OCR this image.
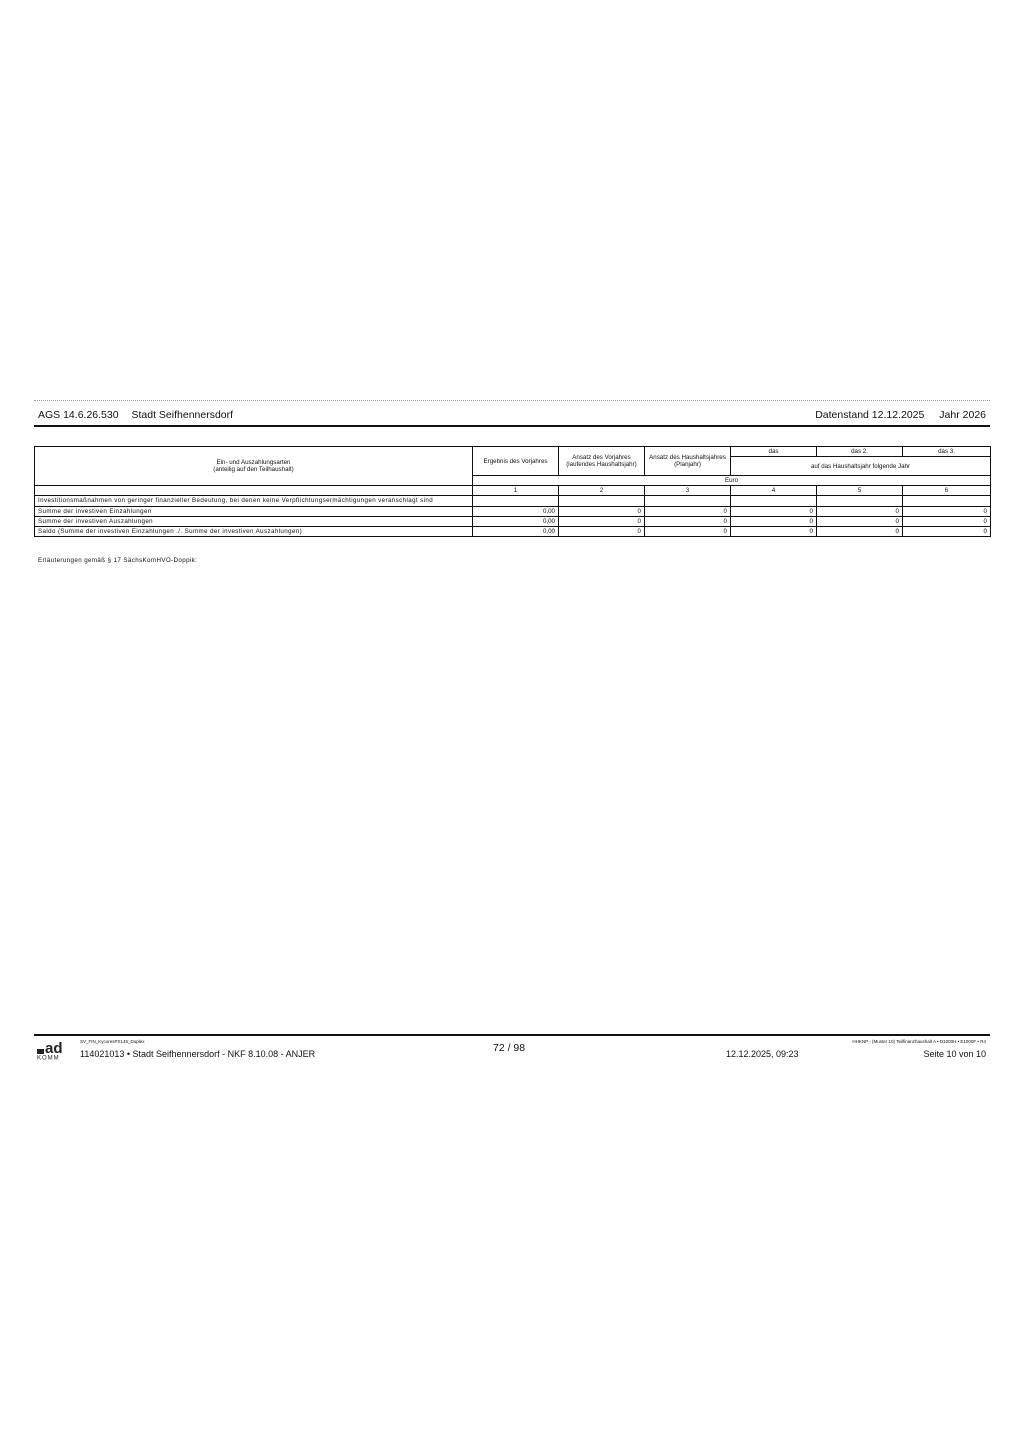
AGS 14.6.26.530 Stadt Seifhennersdorf	Datenstand 12.12.2025 Jahr 2026
Ein- und Auszahlungsarten
(anteilig auf den Teilhaushalt)	Ergebnis des Vorjahres	Ansatz des Vorjahres (laufendes Haushaltsjahr)	Ansatz des Haushaltsjahres (Planjahr)	das	das 2.	das 3.
				auf das Haushaltsjahr folgende Jahr		
	Euro					
	1	2	3	4	5	6
Investitionsmaßnahmen von geringer finanzieller Bedeutung, bei denen keine Verpflichtungsermächtigungen veranschlagt sind						
Summe der investiven Einzahlungen	0,00	0	0	0	0	0
Summe der investiven Auszahlungen	0,00	0	0	0	0	0
Saldo (Summe der investiven Einzahlungen ./. Summe der investiven Auszahlungen)	0,00	0	0	0	0	0
Erläuterungen gemäß § 17 SächsKomHVO-Doppik:
ad
KOMM
SV_FIN_KycoresPS145_Duplex
114021013 • Stadt Seifhennersdorf - NKF 8.10.08 - ANJER	72 / 98	12.12.2025, 09:23
HHKNP - (Muster 10) Teilfinanzhaushalt A • D1000H • E1000F • R4
Seite 10 von 10
